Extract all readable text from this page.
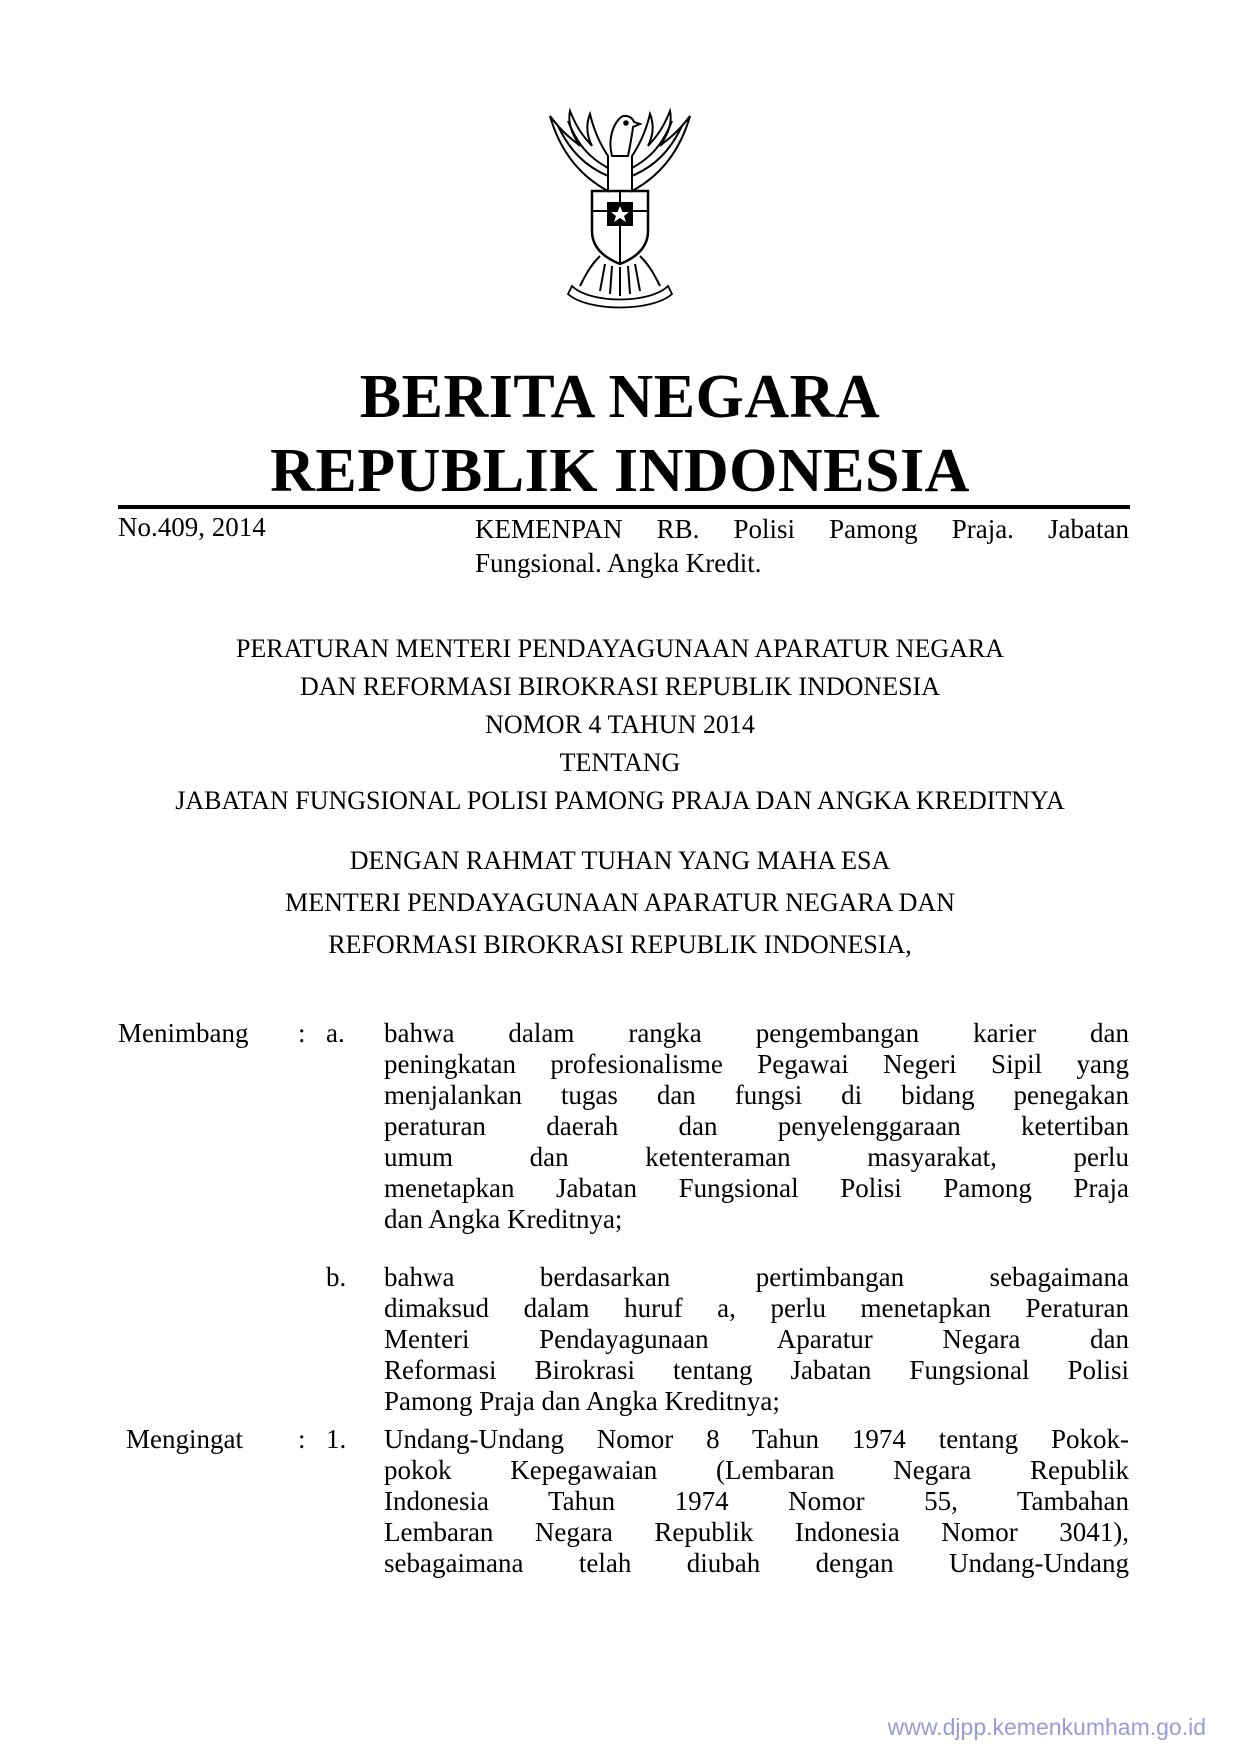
BERITA NEGARA
REPUBLIK INDONESIA
No.409, 2014	KEMENPAN RB. Polisi Pamong Praja. Jabatan
Fungsional. Angka Kredit.
PERATURAN MENTERI PENDAYAGUNAAN APARATUR NEGARA
DAN REFORMASI BIROKRASI REPUBLIK INDONESIA
NOMOR 4 TAHUN 2014
TENTANG
JABATAN FUNGSIONAL POLISI PAMONG PRAJA DAN ANGKA KREDITNYA
DENGAN RAHMAT TUHAN YANG MAHA ESA
MENTERI PENDAYAGUNAAN APARATUR NEGARA DAN
REFORMASI BIROKRASI REPUBLIK INDONESIA,
Menimbang : a. bahwa dalam rangka pengembangan karier dan
peningkatan profesionalisme Pegawai Negeri Sipil yang
menjalankan tugas dan fungsi di bidang penegakan
peraturan daerah dan penyelenggaraan ketertiban
umum dan ketenteraman masyarakat, perlu
menetapkan Jabatan Fungsional Polisi Pamong Praja
dan Angka Kreditnya;
b. bahwa berdasarkan pertimbangan sebagaimana
dimaksud dalam huruf a, perlu menetapkan Peraturan
Menteri Pendayagunaan Aparatur Negara dan
Reformasi Birokrasi tentang Jabatan Fungsional Polisi
Pamong Praja dan Angka Kreditnya;
Mengingat : 1. Undang-Undang Nomor 8 Tahun 1974 tentang Pokok-
pokok Kepegawaian (Lembaran Negara Republik
Indonesia Tahun 1974 Nomor 55, Tambahan
Lembaran Negara Republik Indonesia Nomor 3041),
sebagaimana telah diubah dengan Undang-Undang
www.djpp.kemenkumham.go.id
